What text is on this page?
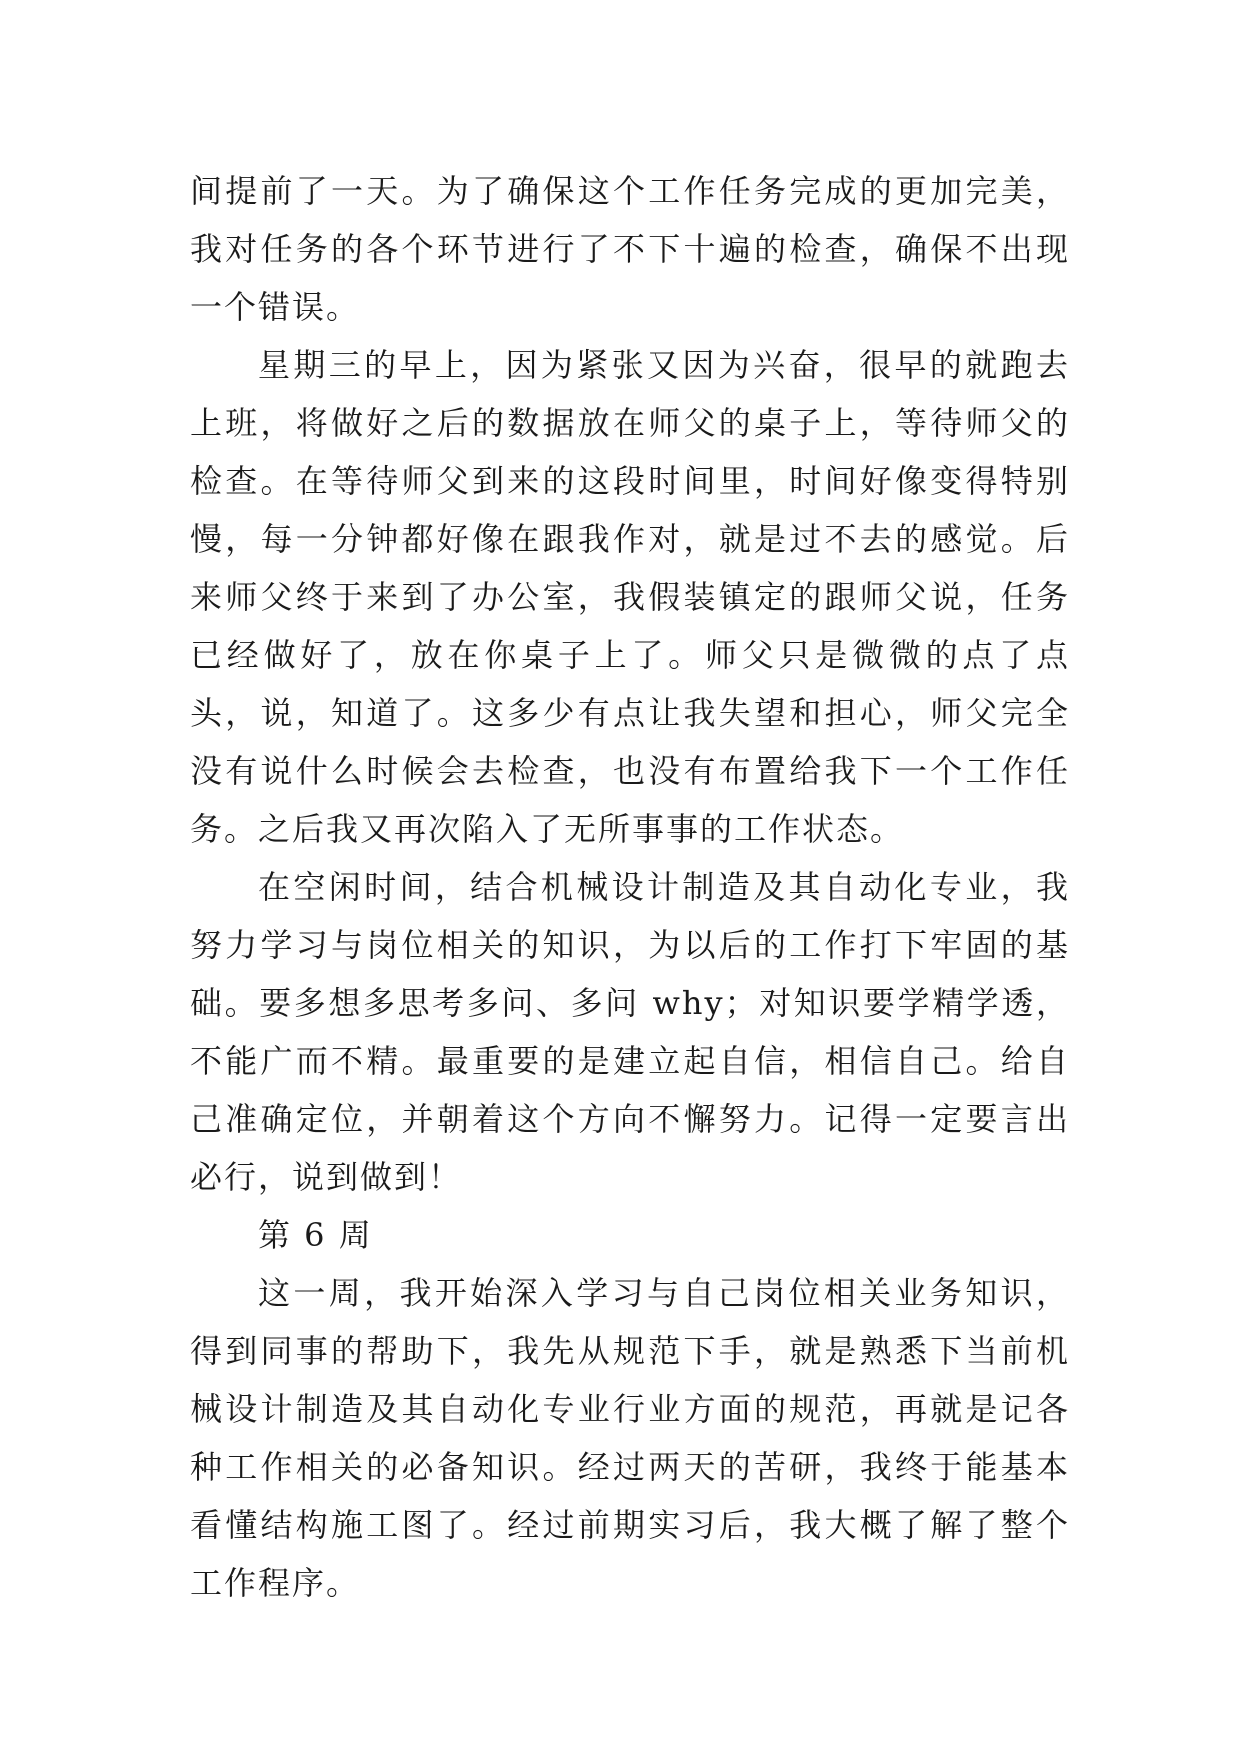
间提前了一天。为了确保这个工作任务完成的更加完美，我对任务的各个环节进行了不下十遍的检查，确保不出现一个错误。

星期三的早上，因为紧张又因为兴奋，很早的就跑去上班，将做好之后的数据放在师父的桌子上，等待师父的检查。在等待师父到来的这段时间里，时间好像变得特别慢，每一分钟都好像在跟我作对，就是过不去的感觉。后来师父终于来到了办公室，我假装镇定的跟师父说，任务已经做好了，放在你桌子上了。师父只是微微的点了点头，说，知道了。这多少有点让我失望和担心，师父完全没有说什么时候会去检查，也没有布置给我下一个工作任务。之后我又再次陷入了无所事事的工作状态。

在空闲时间，结合机械设计制造及其自动化专业，我努力学习与岗位相关的知识，为以后的工作打下牢固的基础。要多想多思考多问、多问 why；对知识要学精学透，不能广而不精。最重要的是建立起自信，相信自己。给自己准确定位，并朝着这个方向不懈努力。记得一定要言出必行，说到做到！

第 6 周

这一周，我开始深入学习与自己岗位相关业务知识，得到同事的帮助下，我先从规范下手，就是熟悉下当前机械设计制造及其自动化专业行业方面的规范，再就是记各种工作相关的必备知识。经过两天的苦研，我终于能基本看懂结构施工图了。经过前期实习后，我大概了解了整个工作程序。
